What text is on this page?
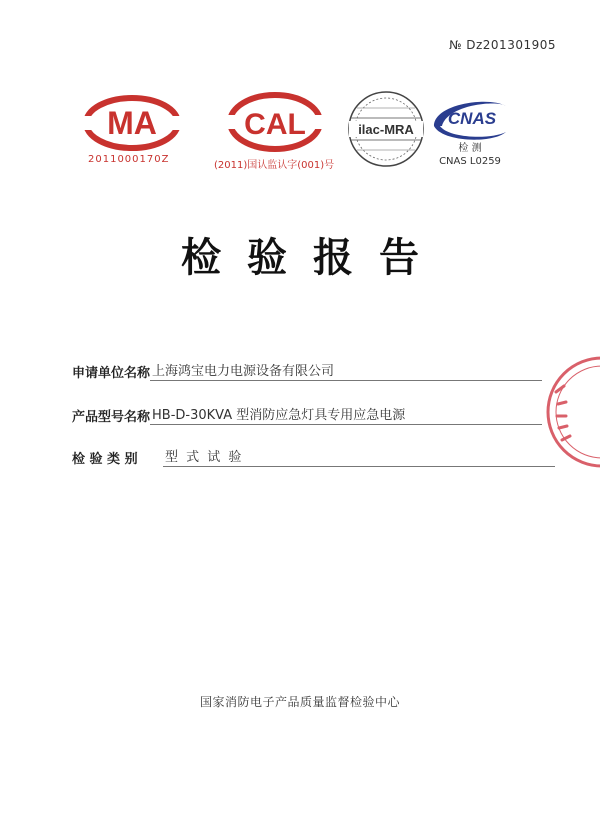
№ Dz201301905
MA
2011000170Z
CAL
(2011)国认监认字(001)号
ilac-MRA
CNAS
检 测
CNAS L0259
检验报告
申请单位名称 上海鸿宝电力电源设备有限公司
产品型号名称 HB-D-30KVA 型消防应急灯具专用应急电源
检 验 类 别	型 式 试 验
国家消防电子产品质量监督检验中心
